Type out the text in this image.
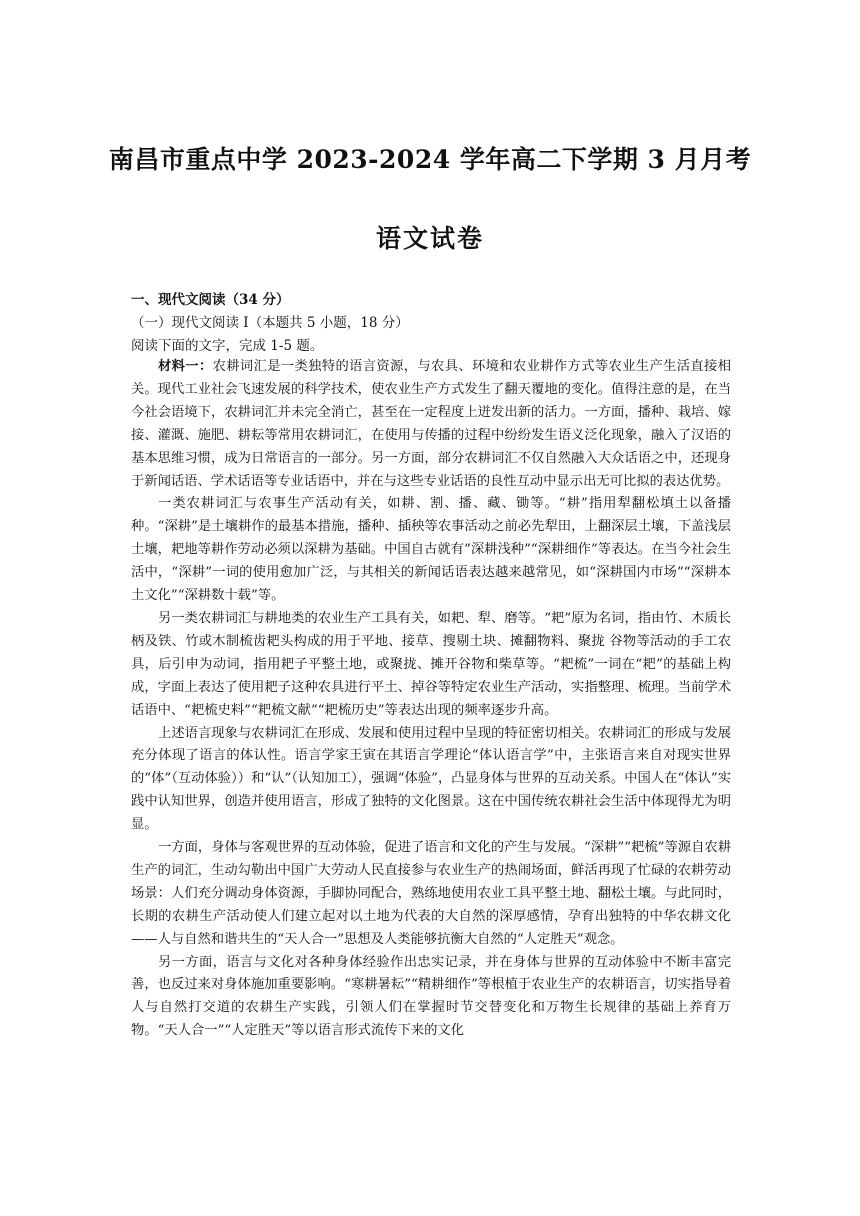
南昌市重点中学 2023-2024 学年高二下学期 3 月月考
语文试卷
一、现代文阅读（34 分）
（一）现代文阅读 I（本题共 5 小题，18 分）
阅读下面的文字，完成 1-5 题。

材料一：农耕词汇是一类独特的语言资源，与农具、环境和农业耕作方式等农业生产生活直接相关。现代工业社会飞速发展的科学技术，使农业生产方式发生了翻天覆地的变化。值得注意的是，在当今社会语境下，农耕词汇并未完全消亡，甚至在一定程度上迸发出新的活力。一方面，播种、栽培、嫁接、灌溉、施肥、耕耘等常用农耕词汇，在使用与传播的过程中纷纷发生语义泛化现象，融入了汉语的基本思维习惯，成为日常语言的一部分。另一方面，部分农耕词汇不仅自然融入大众话语之中，还现身于新闻话语、学术话语等专业话语中，并在与这些专业话语的良性互动中显示出无可比拟的表达优势。

一类农耕词汇与农事生产活动有关，如耕、割、播、藏、锄等。“耕”指用犁翻松填土以备播种。“深耕”是土壤耕作的最基本措施，播种、插秧等农事活动之前必先犁田，上翻深层土壤，下盖浅层土壤，耙地等耕作劳动必须以深耕为基础。中国自古就有“深耕浅种”“深耕细作”等表达。在当今社会生活中，“深耕”一词的使用愈加广泛，与其相关的新闻话语表达越来越常见，如“深耕国内市场”“深耕本土文化”“深耕数十载”等。

另一类农耕词汇与耕地类的农业生产工具有关，如耙、犁、磨等。“耙”原为名词，指由竹、木质长柄及铁、竹或木制梳齿耙头构成的用于平地、接草、搜剔土块、摊翻物料、聚拢 谷物等活动的手工农具，后引申为动词，指用耙子平整土地，或聚拢、摊开谷物和柴草等。“耙梳”一词在“耙”的基础上构成，字面上表达了使用耙子这种农具进行平土、掉谷等特定农业生产活动，实指整理、梳理。当前学术话语中、“耙梳史料”“耙梳文献”“耙梳历史”等表达出现的频率逐步升高。

上述语言现象与农耕词汇在形成、发展和使用过程中呈现的特征密切相关。农耕词汇的形成与发展充分体现了语言的体认性。语言学家王寅在其语言学理论“体认语言学”中，主张语言来自对现实世界的“体”（互动体验））和“认”（认知加工），强调“体验”，凸显身体与世界的互动关系。中国人在“体认”实践中认知世界，创造并使用语言，形成了独特的文化图景。这在中国传统农耕社会生活中体现得尤为明显。

一方面，身体与客观世界的互动体验，促进了语言和文化的产生与发展。“深耕”“耙梳”等源自农耕生产的词汇，生动勾勒出中国广大劳动人民直接参与农业生产的热闹场面，鲜活再现了忙碌的农耕劳动场景：人们充分调动身体资源，手脚协同配合，熟练地使用农业工具平整土地、翻松土壤。与此同时，长期的农耕生产活动使人们建立起对以土地为代表的大自然的深厚感情，孕育出独特的中华农耕文化——人与自然和谐共生的“天人合一”思想及人类能够抗衡大自然的“人定胜天”观念。

另一方面，语言与文化对各种身体经验作出忠实记录，并在身体与世界的互动体验中不断丰富完善，也反过来对身体施加重要影响。“寒耕暑耘”“精耕细作”等根植于农业生产的农耕语言，切实指导着人与自然打交道的农耕生产实践，引领人们在掌握时节交替变化和万物生长规律的基础上养育万物。“天人合一”“人定胜天”等以语言形式流传下来的文化
